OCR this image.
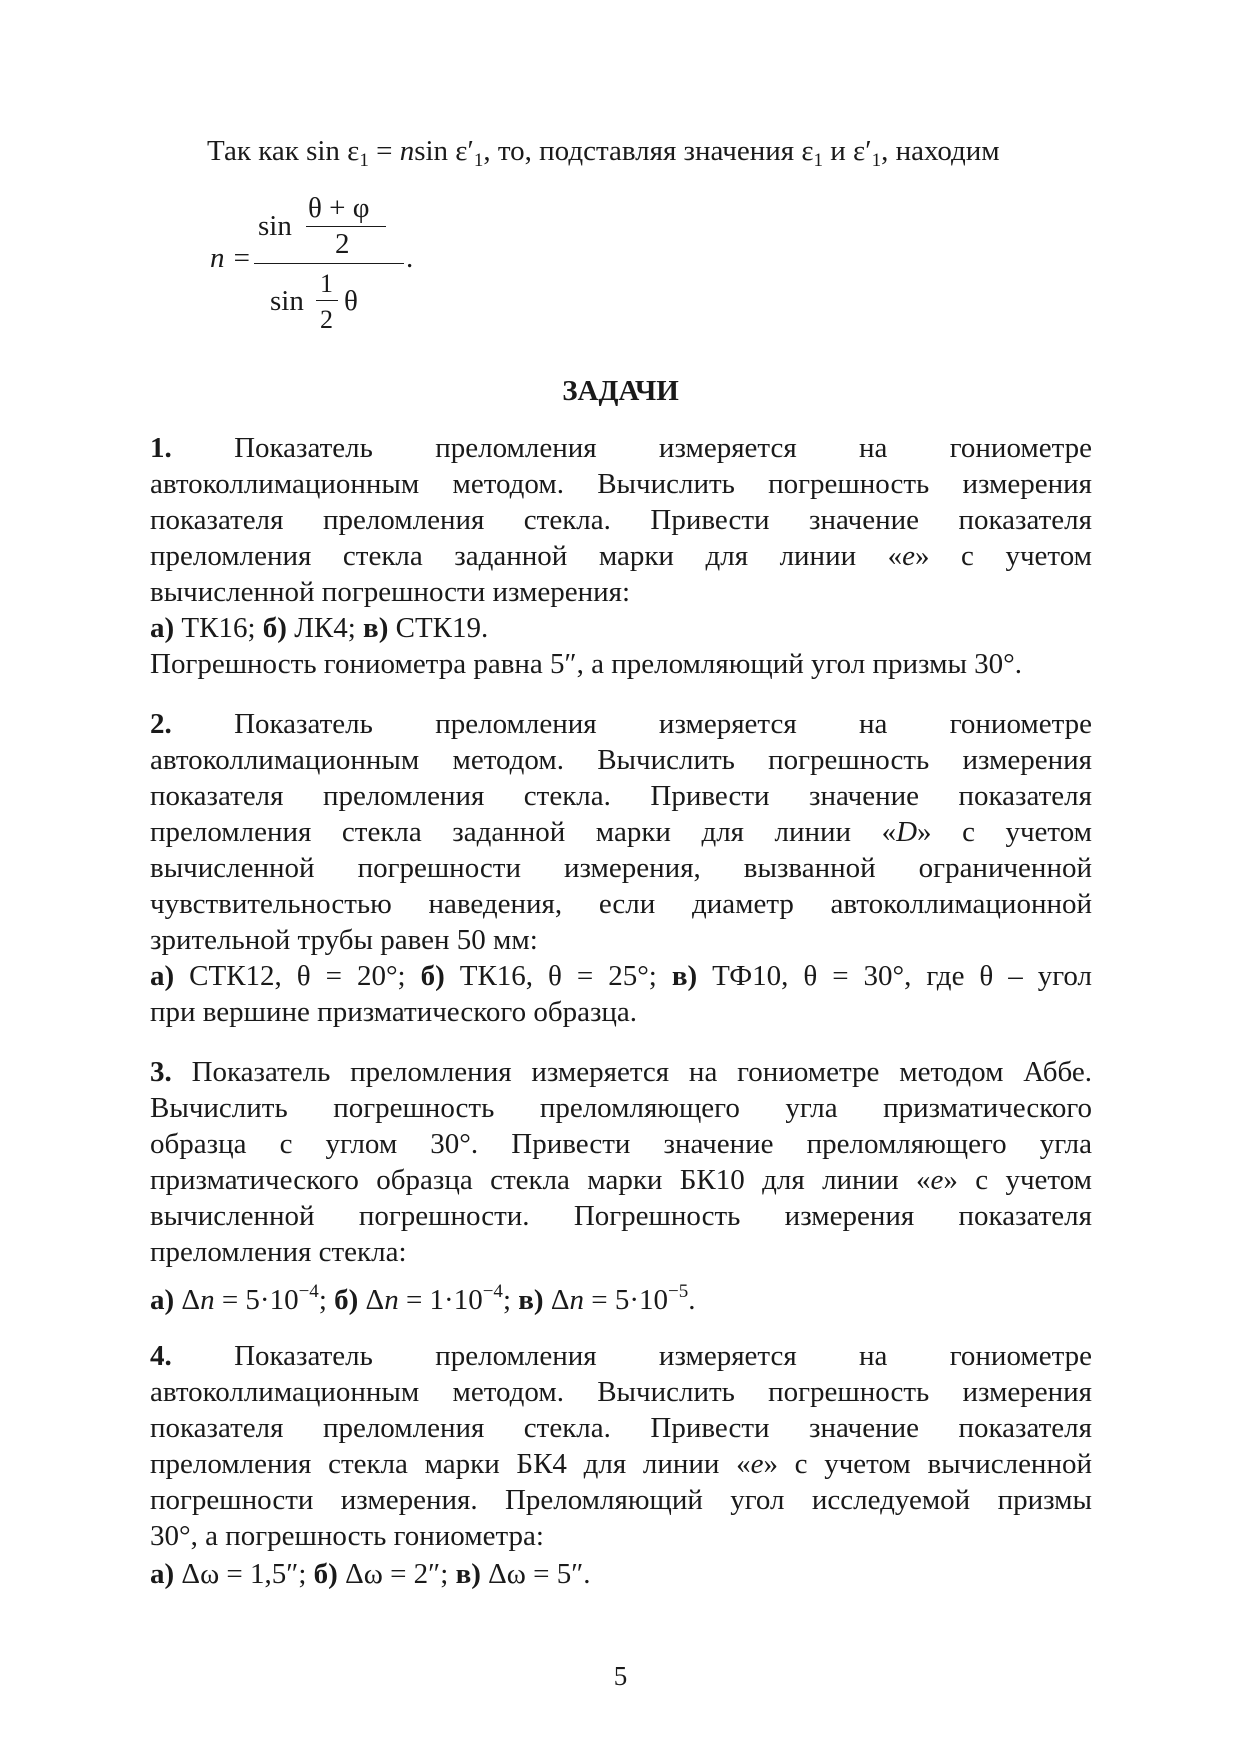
Так как $\sin \varepsilon_1 = nsin$ $\varepsilon'_1$, то, подставляя значения $\varepsilon_1$ и $\varepsilon'_1$, находим
n =
sin
θ + φ
2 .
sin
1
2
θ
ЗАДАЧИ
1. Показатель преломления измеряется на гониометре
автоколлимационным методом. Вычислить погрешность измерения
показателя преломления стекла. Привести значение показателя
преломления стекла заданной марки для линии «e» с учетом
вычисленной погрешности измерения:
а) ТК16; б) ЛК4; в) СТК19.
Погрешность гониометра равна 5″, а преломляющий угол призмы 30°.
2. Показатель преломления измеряется на гониометре
автоколлимационным методом. Вычислить погрешность измерения
показателя преломления стекла. Привести значение показателя
преломления стекла заданной марки для линии «D» с учетом
вычисленной погрешности измерения, вызванной ограниченной
чувствительностью наведения, если диаметр автоколлимационной
зрительной трубы равен 50 мм:
а) СТК12, θ = 20°; б) ТК16, θ = 25°; в) ТФ10, θ = 30°, где θ – угол
при вершине призматического образца.
3. Показатель преломления измеряется на гониометре методом Аббе.
Вычислить погрешность преломляющего угла призматического
образца с углом 30°. Привести значение преломляющего угла
призматического образца стекла марки БК10 для линии «e» с учетом
вычисленной погрешности. Погрешность измерения показателя
преломления стекла:
а) $\Delta n = 5\cdot 10^{-4}$; б) $\Delta n = 1\cdot 10^{-4}$; в) $\Delta n = 5\cdot 10^{-5}$.
4. Показатель преломления измеряется на гониометре
автоколлимационным методом. Вычислить погрешность измерения
показателя преломления стекла. Привести значение показателя
преломления стекла марки БК4 для линии «e» с учетом вычисленной
погрешности измерения. Преломляющий угол исследуемой призмы
30°, а погрешность гониометра:
а) Δω = 1,5″; б) Δω = 2″; в) Δω = 5″.
5
